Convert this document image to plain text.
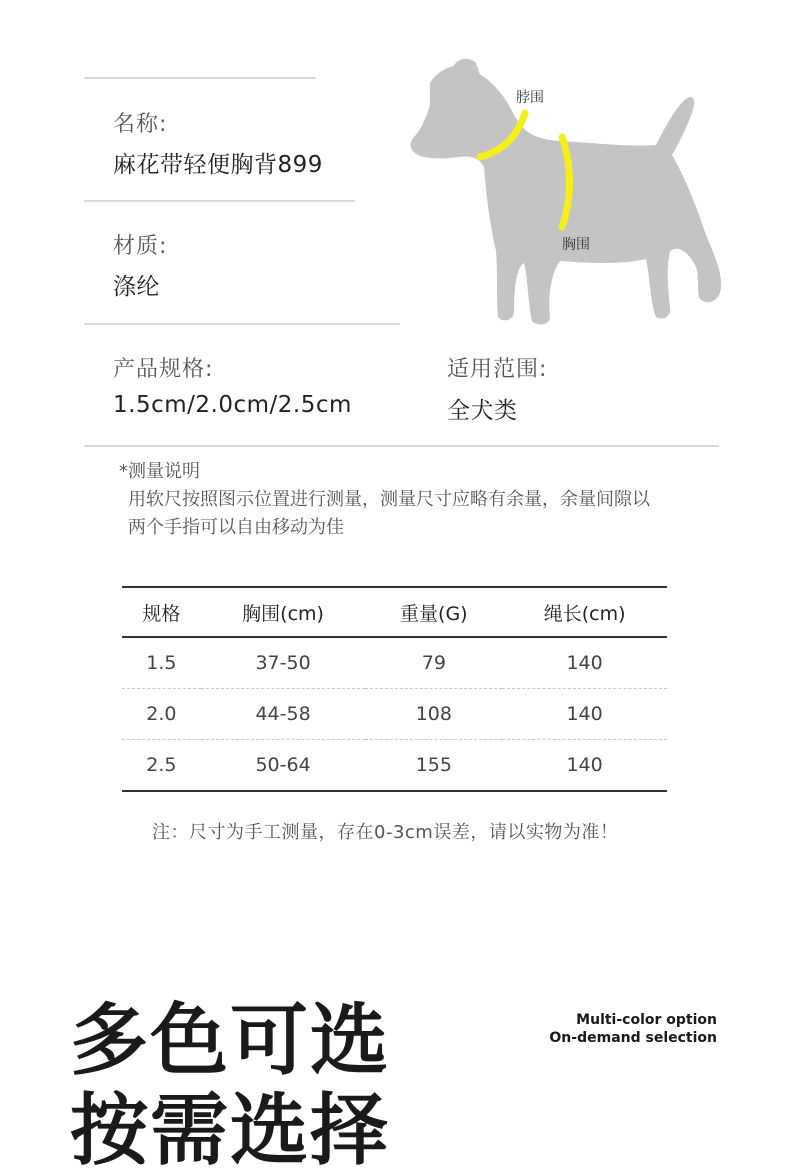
名称:
麻花带轻便胸背899
材质:
涤纶
产品规格:
1.5cm/2.0cm/2.5cm
适用范围:
全犬类
脖围
胸围
*测量说明
用软尺按照图示位置进行测量，测量尺寸应略有余量，余量间隙以
两个手指可以自由移动为佳
规格	胸围(cm)	重量(G)	绳长(cm)
1.5	37-50	79	140
2.0	44-58	108	140
2.5	50-64	155	140
注：尺寸为手工测量，存在0-3cm误差，请以实物为准！
多色可选
按需选择
Multi-color option
On-demand selection
